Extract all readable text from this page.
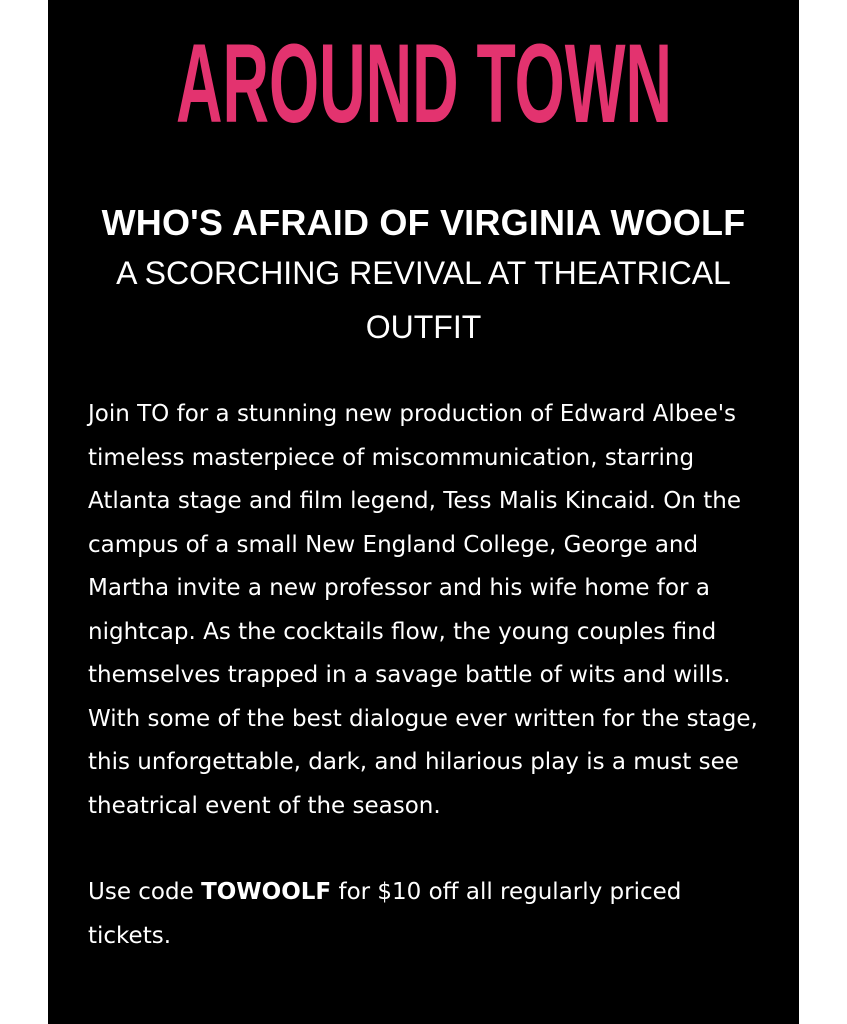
AROUND TOWN
WHO'S AFRAID OF VIRGINIA WOOLF
A SCORCHING REVIVAL AT THEATRICAL OUTFIT

Join TO for a stunning new production of Edward Albee's timeless masterpiece of miscommunication, starring Atlanta stage and film legend, Tess Malis Kincaid. On the campus of a small New England College, George and Martha invite a new professor and his wife home for a nightcap. As the cocktails flow, the young couples find themselves trapped in a savage battle of wits and wills. With some of the best dialogue ever written for the stage, this unforgettable, dark, and hilarious play is a must see theatrical event of the season.

Use code TOWOOLF for $10 off all regularly priced tickets.
